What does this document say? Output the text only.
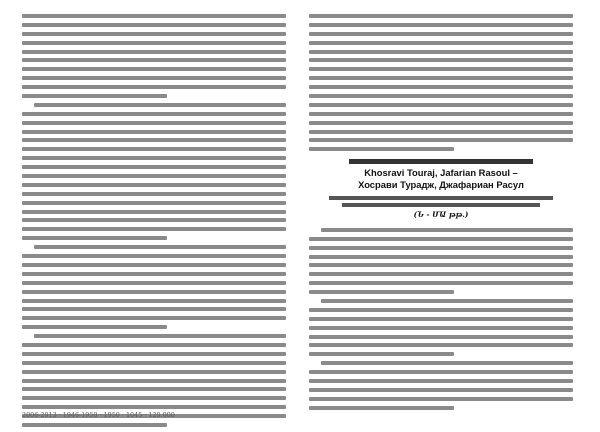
Khosravi Touraj, Jafarian Rasoul –
Хосрави Турадж, Джафариан Расул
(Ն - ՄԱ թթ.)
2006-2013 · 1946-1950 · 1950 · 1045 · 120.000
